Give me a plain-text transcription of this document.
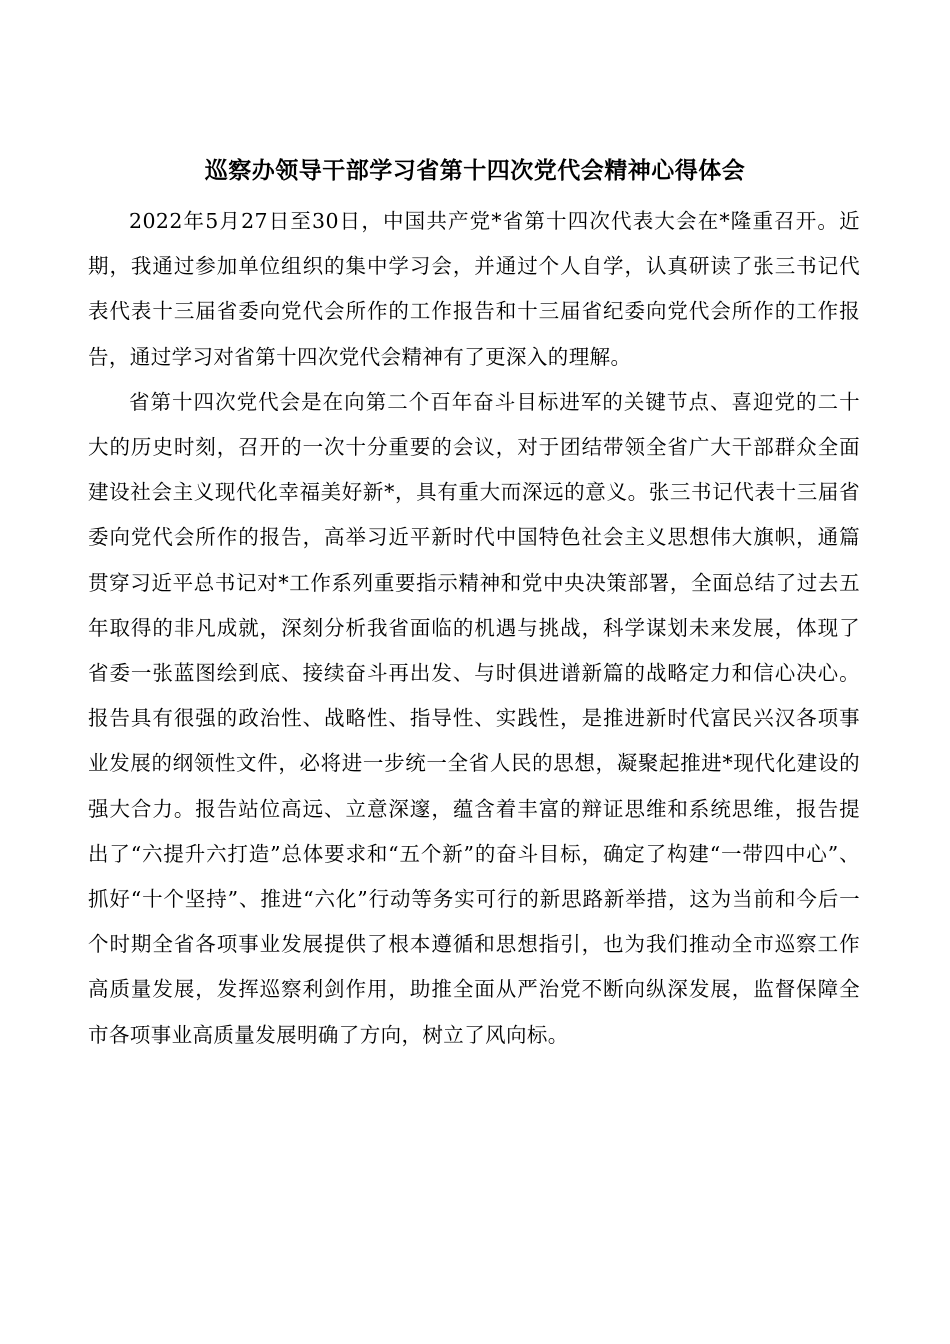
巡察办领导干部学习省第十四次党代会精神心得体会

2022年5月27日至30日，中国共产党*省第十四次代表大会在*隆重召开。近期，我通过参加单位组织的集中学习会，并通过个人自学，认真研读了张三书记代表代表十三届省委向党代会所作的工作报告和十三届省纪委向党代会所作的工作报告，通过学习对省第十四次党代会精神有了更深入的理解。

省第十四次党代会是在向第二个百年奋斗目标进军的关键节点、喜迎党的二十大的历史时刻，召开的一次十分重要的会议，对于团结带领全省广大干部群众全面建设社会主义现代化幸福美好新*，具有重大而深远的意义。张三书记代表十三届省委向党代会所作的报告，高举习近平新时代中国特色社会主义思想伟大旗帜，通篇贯穿习近平总书记对*工作系列重要指示精神和党中央决策部署，全面总结了过去五年取得的非凡成就，深刻分析我省面临的机遇与挑战，科学谋划未来发展，体现了省委一张蓝图绘到底、接续奋斗再出发、与时俱进谱新篇的战略定力和信心决心。报告具有很强的政治性、战略性、指导性、实践性，是推进新时代富民兴汉各项事业发展的纲领性文件，必将进一步统一全省人民的思想，凝聚起推进*现代化建设的强大合力。报告站位高远、立意深邃，蕴含着丰富的辩证思维和系统思维，报告提出了“六提升六打造”总体要求和“五个新”的奋斗目标，确定了构建“一带四中心”、抓好“十个坚持”、推进“六化”行动等务实可行的新思路新举措，这为当前和今后一个时期全省各项事业发展提供了根本遵循和思想指引，也为我们推动全市巡察工作高质量发展，发挥巡察利剑作用，助推全面从严治党不断向纵深发展，监督保障全市各项事业高质量发展明确了方向，树立了风向标。
